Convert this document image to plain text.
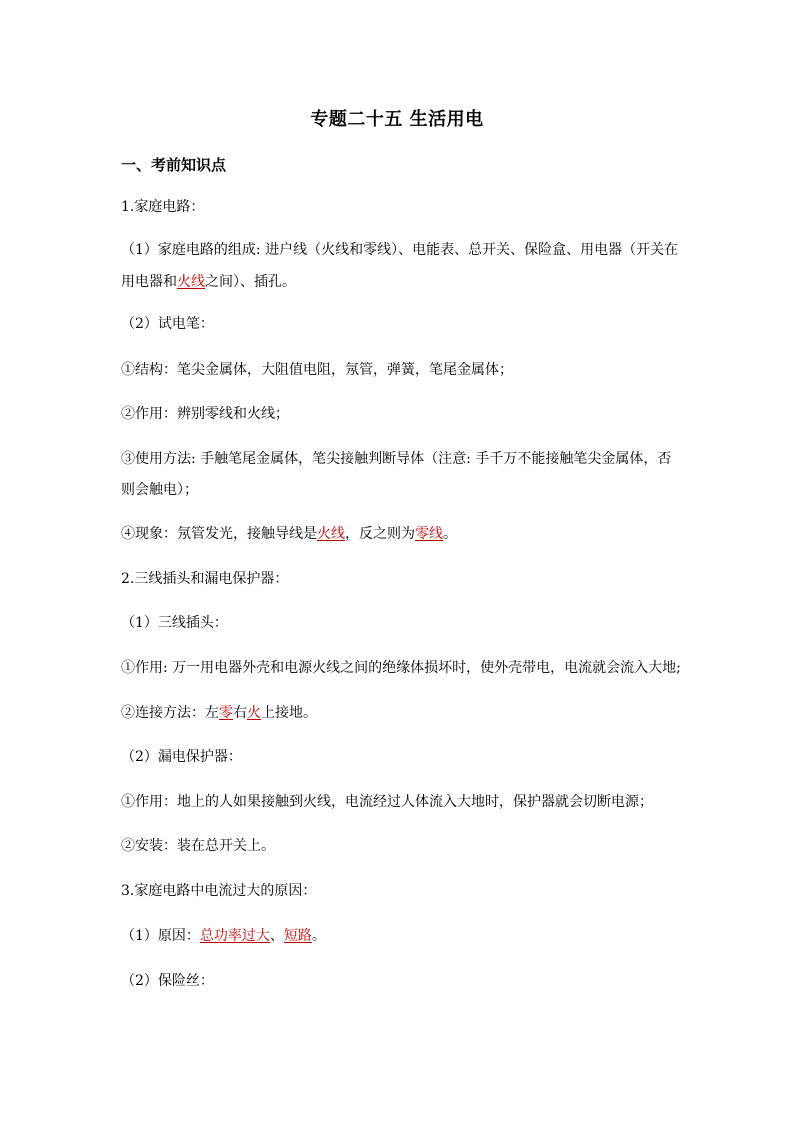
专题二十五 生活用电
一、考前知识点
1.家庭电路：
（1）家庭电路的组成: 进户线（火线和零线）、电能表、总开关、保险盒、用电器（开关在
用电器和火线之间）、插孔。
（2）试电笔：
①结构：笔尖金属体，大阻值电阻，氖管，弹簧，笔尾金属体；
②作用：辨别零线和火线；
③使用方法: 手触笔尾金属体，笔尖接触判断导体（注意: 手千万不能接触笔尖金属体，否
则会触电）；
④现象：氖管发光，接触导线是火线，反之则为零线。
2.三线插头和漏电保护器：
（1）三线插头：
①作用: 万一用电器外壳和电源火线之间的绝缘体损坏时，使外壳带电，电流就会流入大地;
②连接方法：左零右火上接地。
（2）漏电保护器：
①作用：地上的人如果接触到火线，电流经过人体流入大地时，保护器就会切断电源；
②安装：装在总开关上。
3.家庭电路中电流过大的原因：
（1）原因：总功率过大、短路。
（2）保险丝：
